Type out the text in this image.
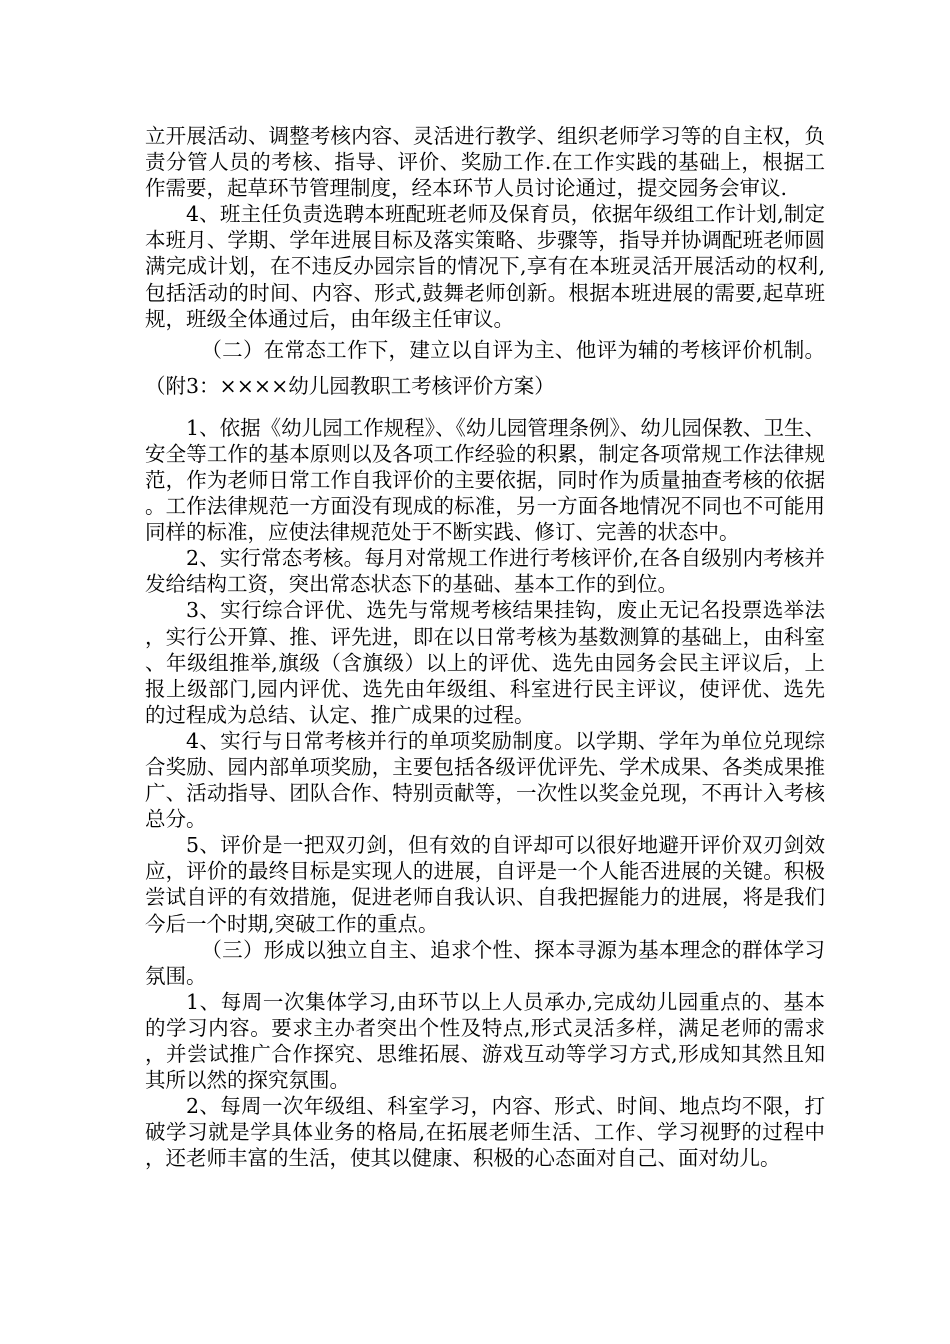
立开展活动、调整考核内容、灵活进行教学、组织老师学习等的自主权，负责分管人员的考核、指导、评价、奖励工作.在工作实践的基础上，根据工作需要，起草环节管理制度，经本环节人员讨论通过，提交园务会审议.

4、班主任负责选聘本班配班老师及保育员，依据年级组工作计划,制定本班月、学期、学年进展目标及落实策略、步骤等，指导并协调配班老师圆满完成计划，在不违反办园宗旨的情况下,享有在本班灵活开展活动的权利,包括活动的时间、内容、形式,鼓舞老师创新。根据本班进展的需要,起草班规，班级全体通过后，由年级主任审议。

（二）在常态工作下，建立以自评为主、他评为辅的考核评价机制。（附3：××××幼儿园教职工考核评价方案）

1、依据《幼儿园工作规程》、《幼儿园管理条例》、幼儿园保教、卫生、安全等工作的基本原则以及各项工作经验的积累，制定各项常规工作法律规范，作为老师日常工作自我评价的主要依据，同时作为质量抽查考核的依据。工作法律规范一方面没有现成的标准，另一方面各地情况不同也不可能用同样的标准，应使法律规范处于不断实践、修订、完善的状态中。

2、实行常态考核。每月对常规工作进行考核评价,在各自级别内考核并发给结构工资，突出常态状态下的基础、基本工作的到位。

3、实行综合评优、选先与常规考核结果挂钩，废止无记名投票选举法，实行公开算、推、评先进，即在以日常考核为基数测算的基础上，由科室、年级组推举,旗级（含旗级）以上的评优、选先由园务会民主评议后，上报上级部门,园内评优、选先由年级组、科室进行民主评议，使评优、选先的过程成为总结、认定、推广成果的过程。

4、实行与日常考核并行的单项奖励制度。以学期、学年为单位兑现综合奖励、园内部单项奖励，主要包括各级评优评先、学术成果、各类成果推广、活动指导、团队合作、特别贡献等，一次性以奖金兑现，不再计入考核总分。

5、评价是一把双刃剑，但有效的自评却可以很好地避开评价双刃剑效应，评价的最终目标是实现人的进展，自评是一个人能否进展的关键。积极尝试自评的有效措施，促进老师自我认识、自我把握能力的进展，将是我们今后一个时期,突破工作的重点。

（三）形成以独立自主、追求个性、探本寻源为基本理念的群体学习氛围。

1、每周一次集体学习,由环节以上人员承办,完成幼儿园重点的、基本的学习内容。要求主办者突出个性及特点,形式灵活多样，满足老师的需求，并尝试推广合作探究、思维拓展、游戏互动等学习方式,形成知其然且知其所以然的探究氛围。

2、每周一次年级组、科室学习，内容、形式、时间、地点均不限，打破学习就是学具体业务的格局,在拓展老师生活、工作、学习视野的过程中，还老师丰富的生活，使其以健康、积极的心态面对自己、面对幼儿。
